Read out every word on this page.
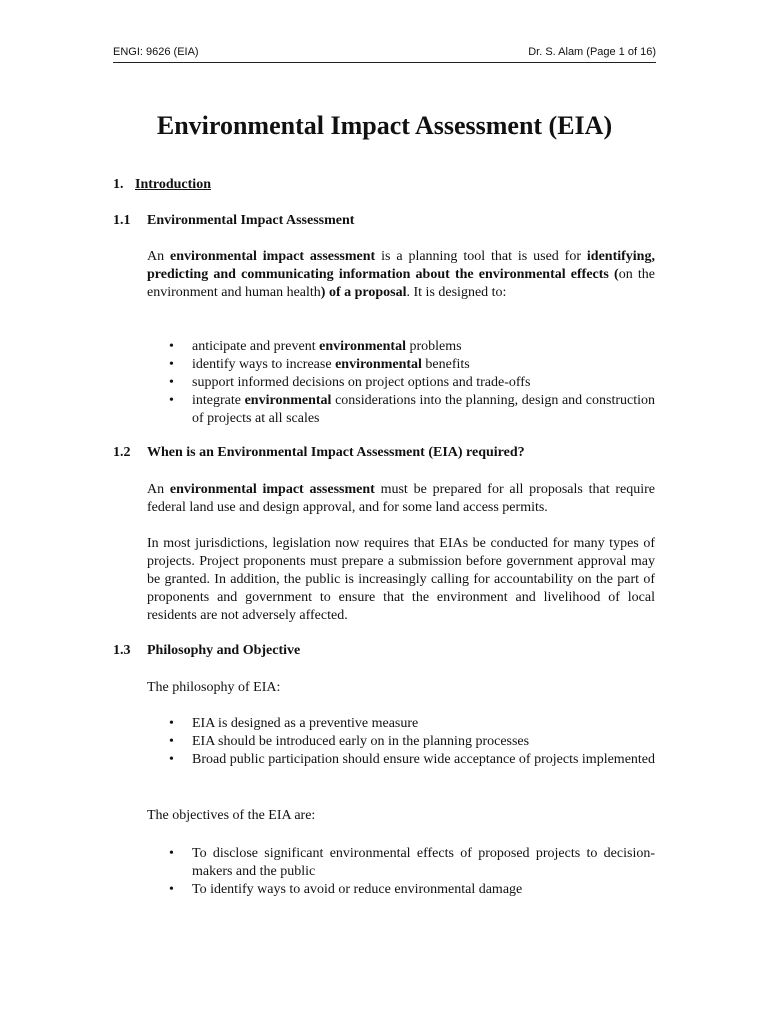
ENGI: 9626 (EIA)	Dr. S. Alam (Page 1 of 16)
Environmental Impact Assessment (EIA)
1. Introduction
1.1 Environmental Impact Assessment
An environmental impact assessment is a planning tool that is used for identifying, predicting and communicating information about the environmental effects (on the environment and human health) of a proposal. It is designed to:
• anticipate and prevent environmental problems
• identify ways to increase environmental benefits
• support informed decisions on project options and trade-offs
• integrate environmental considerations into the planning, design and construction of projects at all scales
1.2 When is an Environmental Impact Assessment (EIA) required?
An environmental impact assessment must be prepared for all proposals that require federal land use and design approval, and for some land access permits.
In most jurisdictions, legislation now requires that EIAs be conducted for many types of projects. Project proponents must prepare a submission before government approval may be granted. In addition, the public is increasingly calling for accountability on the part of proponents and government to ensure that the environment and livelihood of local residents are not adversely affected.
1.3 Philosophy and Objective
The philosophy of EIA:
• EIA is designed as a preventive measure
• EIA should be introduced early on in the planning processes
• Broad public participation should ensure wide acceptance of projects implemented
The objectives of the EIA are:
• To disclose significant environmental effects of proposed projects to decision-makers and the public
• To identify ways to avoid or reduce environmental damage
